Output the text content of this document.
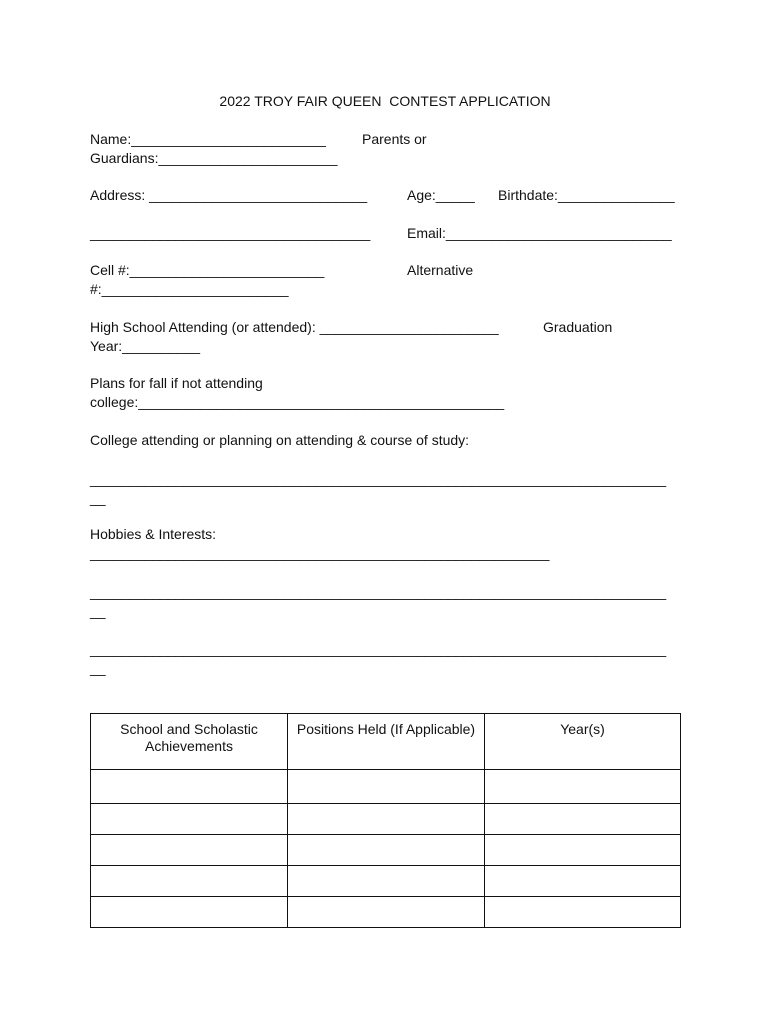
2022 TROY FAIR QUEEN  CONTEST APPLICATION
Name:_________________________	Parents or
Guardians:_______________________
Address: ____________________________	Age:_____ Birthdate:_______________
____________________________________	Email:_____________________________
Cell #:_________________________	Alternative
#:________________________
High School Attending (or attended): _______________________	Graduation
Year:__________
Plans for fall if not attending
college:_______________________________________________
College attending or planning on attending & course of study:
__________________________________________________________________________
__
Hobbies & Interests:
___________________________________________________________
__________________________________________________________________________
__
__________________________________________________________________________
__
School and Scholastic
Achievements	Positions Held (If Applicable)	Year(s)
